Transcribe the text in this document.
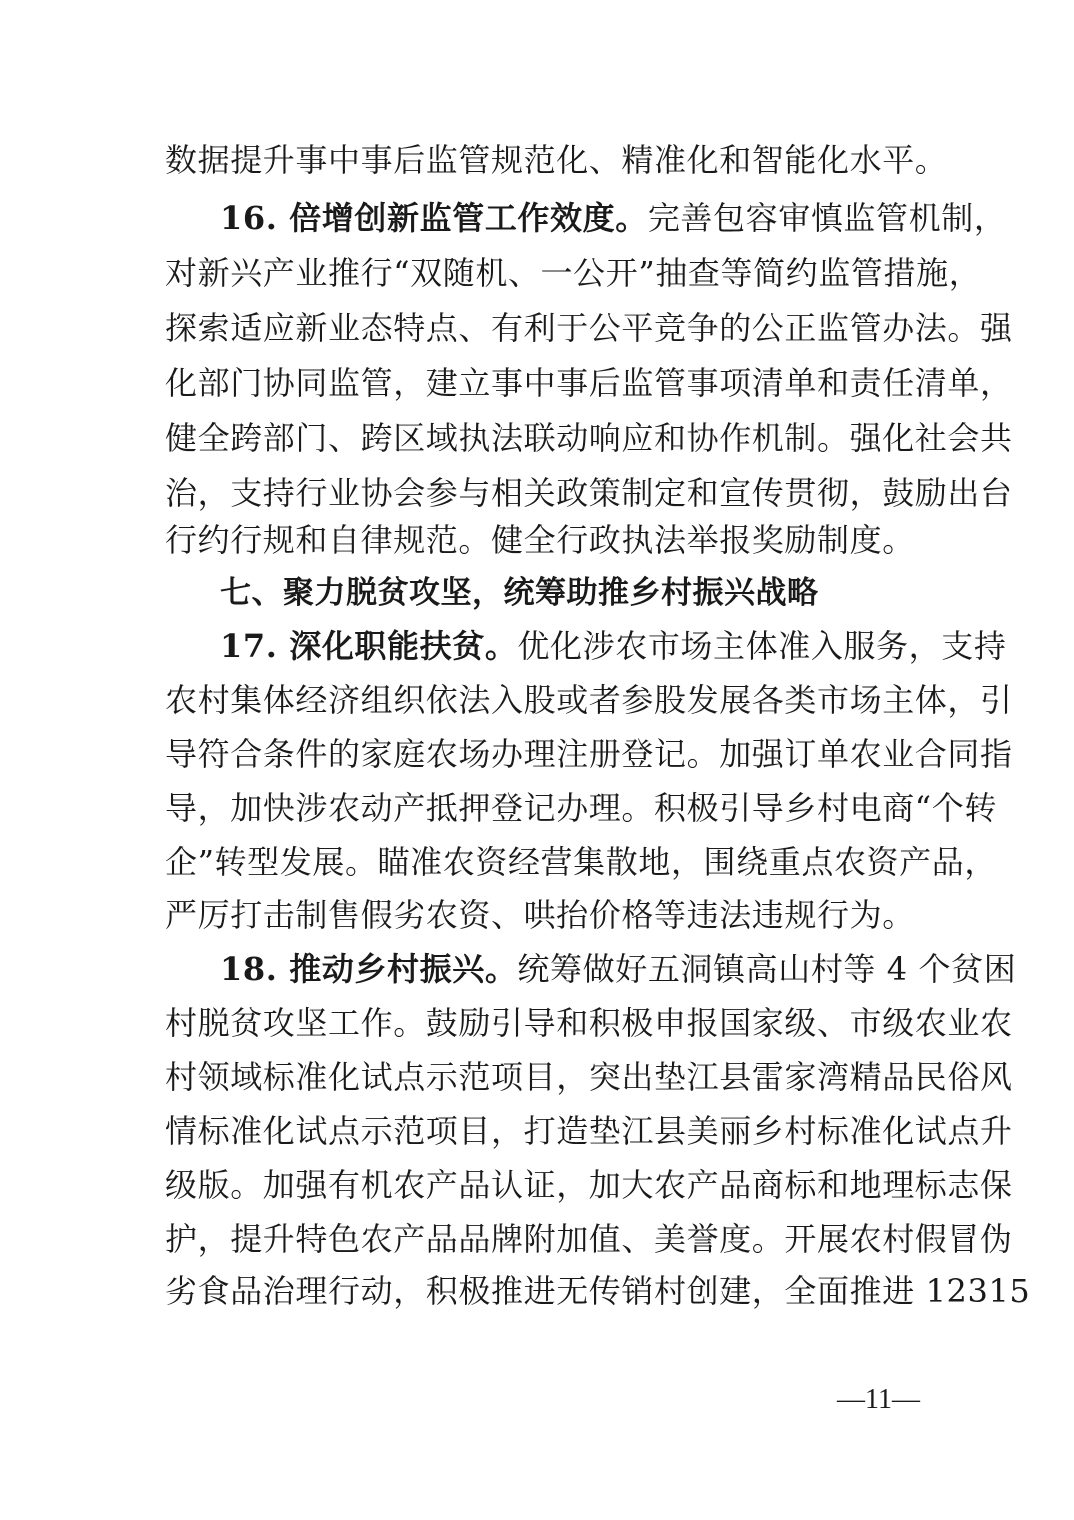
数据提升事中事后监管规范化、精准化和智能化水平。
16. 倍增创新监管工作效度。完善包容审慎监管机制，
对新兴产业推行“双随机、一公开”抽查等简约监管措施，
探索适应新业态特点、有利于公平竞争的公正监管办法。强
化部门协同监管，建立事中事后监管事项清单和责任清单，
健全跨部门、跨区域执法联动响应和协作机制。强化社会共
治，支持行业协会参与相关政策制定和宣传贯彻，鼓励出台
行约行规和自律规范。健全行政执法举报奖励制度。
七、聚力脱贫攻坚，统筹助推乡村振兴战略
17. 深化职能扶贫。优化涉农市场主体准入服务，支持
农村集体经济组织依法入股或者参股发展各类市场主体，引
导符合条件的家庭农场办理注册登记。加强订单农业合同指
导，加快涉农动产抵押登记办理。积极引导乡村电商“个转
企”转型发展。瞄准农资经营集散地，围绕重点农资产品，
严厉打击制售假劣农资、哄抬价格等违法违规行为。
18. 推动乡村振兴。统筹做好五洞镇高山村等 4 个贫困
村脱贫攻坚工作。鼓励引导和积极申报国家级、市级农业农
村领域标准化试点示范项目，突出垫江县雷家湾精品民俗风
情标准化试点示范项目，打造垫江县美丽乡村标准化试点升
级版。加强有机农产品认证，加大农产品商标和地理标志保
护，提升特色农产品品牌附加值、美誉度。开展农村假冒伪
劣食品治理行动，积极推进无传销村创建，全面推进 12315
—11—
